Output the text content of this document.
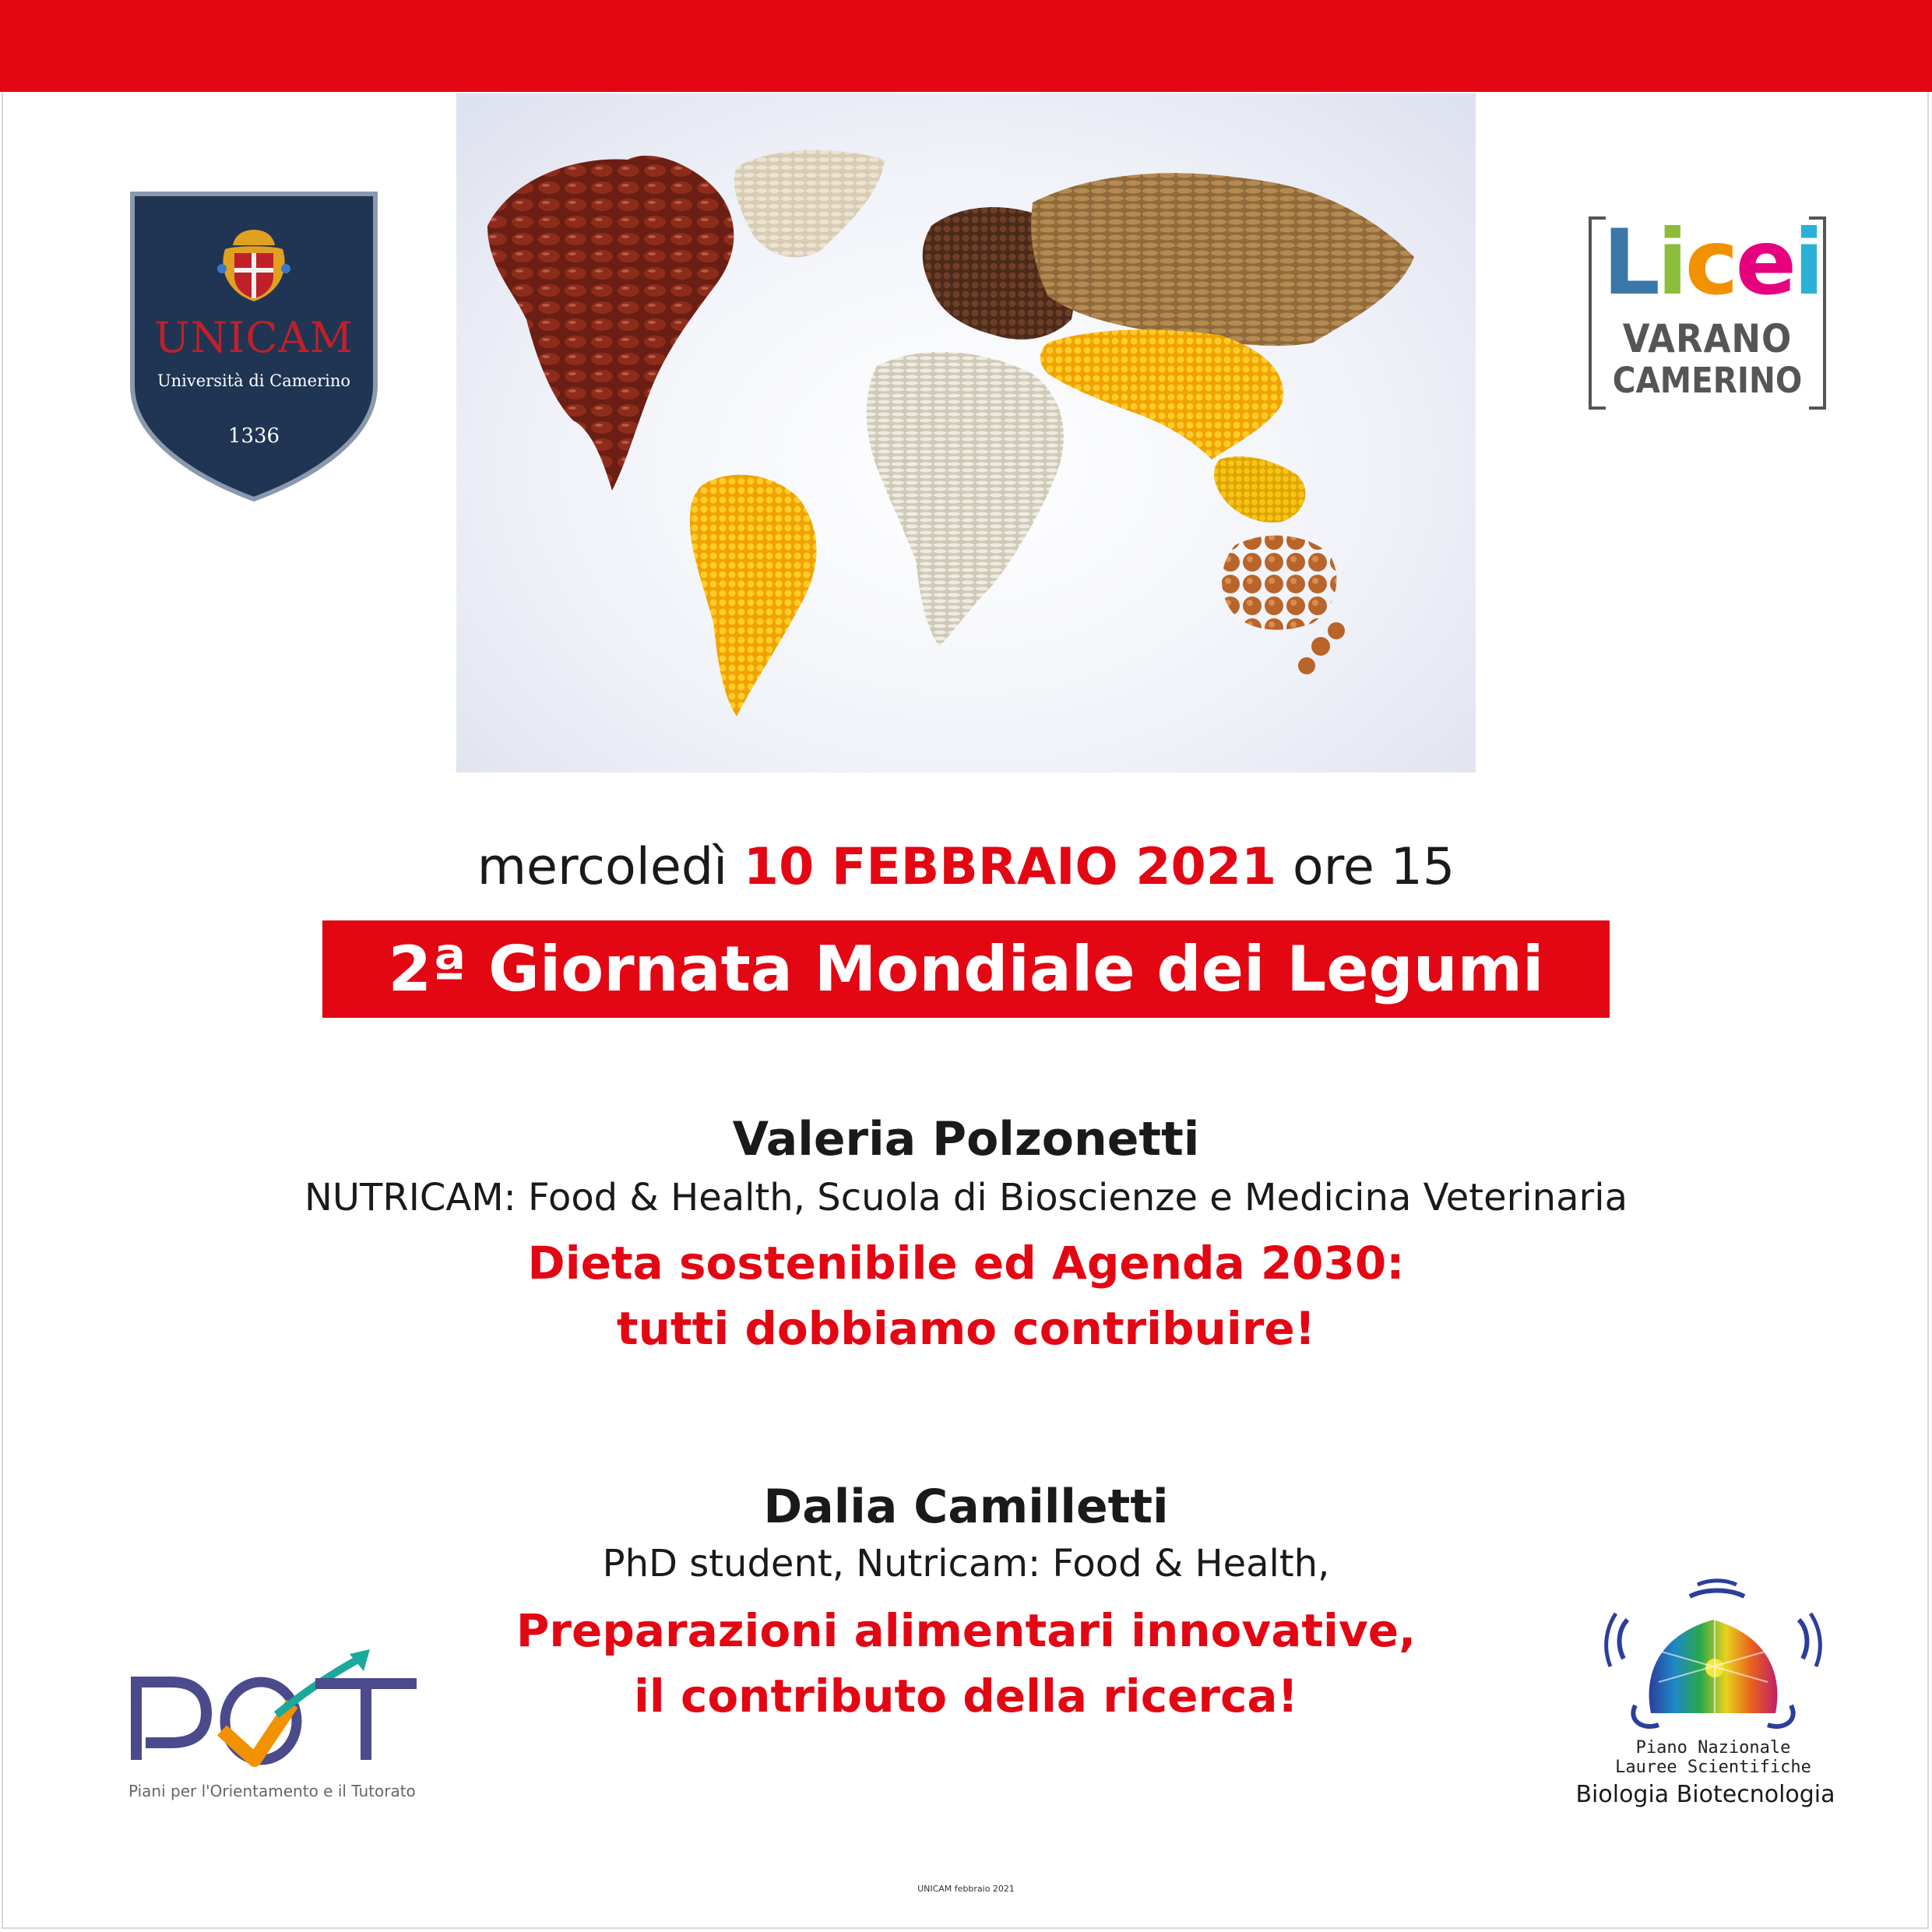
UNICAM
Università di Camerino
1336
Licei
VARANO
CAMERINO
mercoledì 10 FEBBRAIO 2021 ore 15
2ª Giornata Mondiale dei Legumi
Valeria Polzonetti
NUTRICAM: Food & Health, Scuola di Bioscienze e Medicina Veterinaria
Dieta sostenibile ed Agenda 2030:
tutti dobbiamo contribuire!
Dalia Camilletti
PhD student, Nutricam: Food & Health,
Preparazioni alimentari innovative,
il contributo della ricerca!
Piani per l'Orientamento e il Tutorato
Piano Nazionale
Lauree Scientifiche
Biologia Biotecnologia
UNICAM febbraio 2021
